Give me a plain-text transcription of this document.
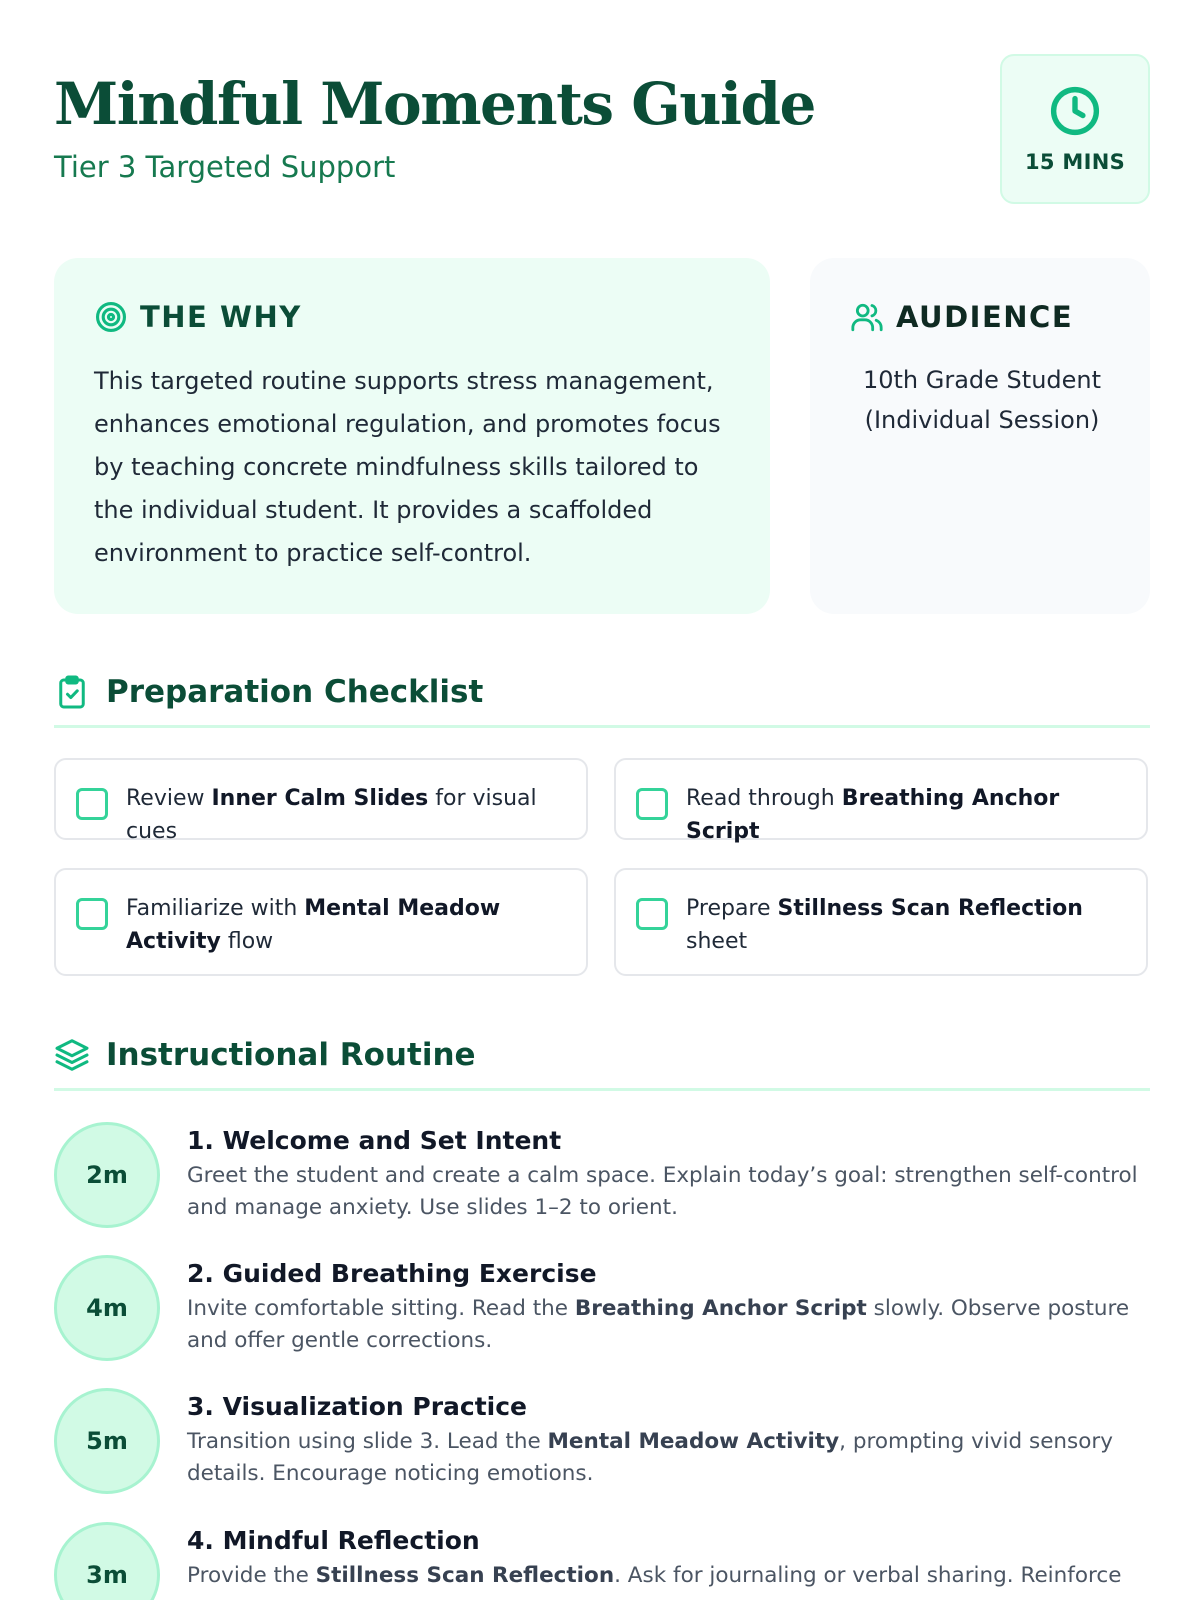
Mindful Moments Guide
Tier 3 Targeted Support	15 MINS
THE WHY

This targeted routine supports stress management, enhances emotional regulation, and promotes focus by teaching concrete mindfulness skills tailored to the individual student. It provides a scaffolded environment to practice self-control.

AUDIENCE
10th Grade Student
(Individual Session)
Preparation Checklist
Review Inner Calm Slides for visual cues
Read through Breathing Anchor Script
Familiarize with Mental Meadow Activity flow
Prepare Stillness Scan Reflection sheet
Instructional Routine
2m
1. Welcome and Set Intent
Greet the student and create a calm space. Explain today’s goal: strengthen self-control and manage anxiety. Use slides 1–2 to orient.
4m
2. Guided Breathing Exercise
Invite comfortable sitting. Read the Breathing Anchor Script slowly. Observe posture and offer gentle corrections.
5m
3. Visualization Practice
Transition using slide 3. Lead the Mental Meadow Activity, prompting vivid sensory details. Encourage noticing emotions.
3m
4. Mindful Reflection
Provide the Stillness Scan Reflection. Ask for journaling or verbal sharing. Reinforce
